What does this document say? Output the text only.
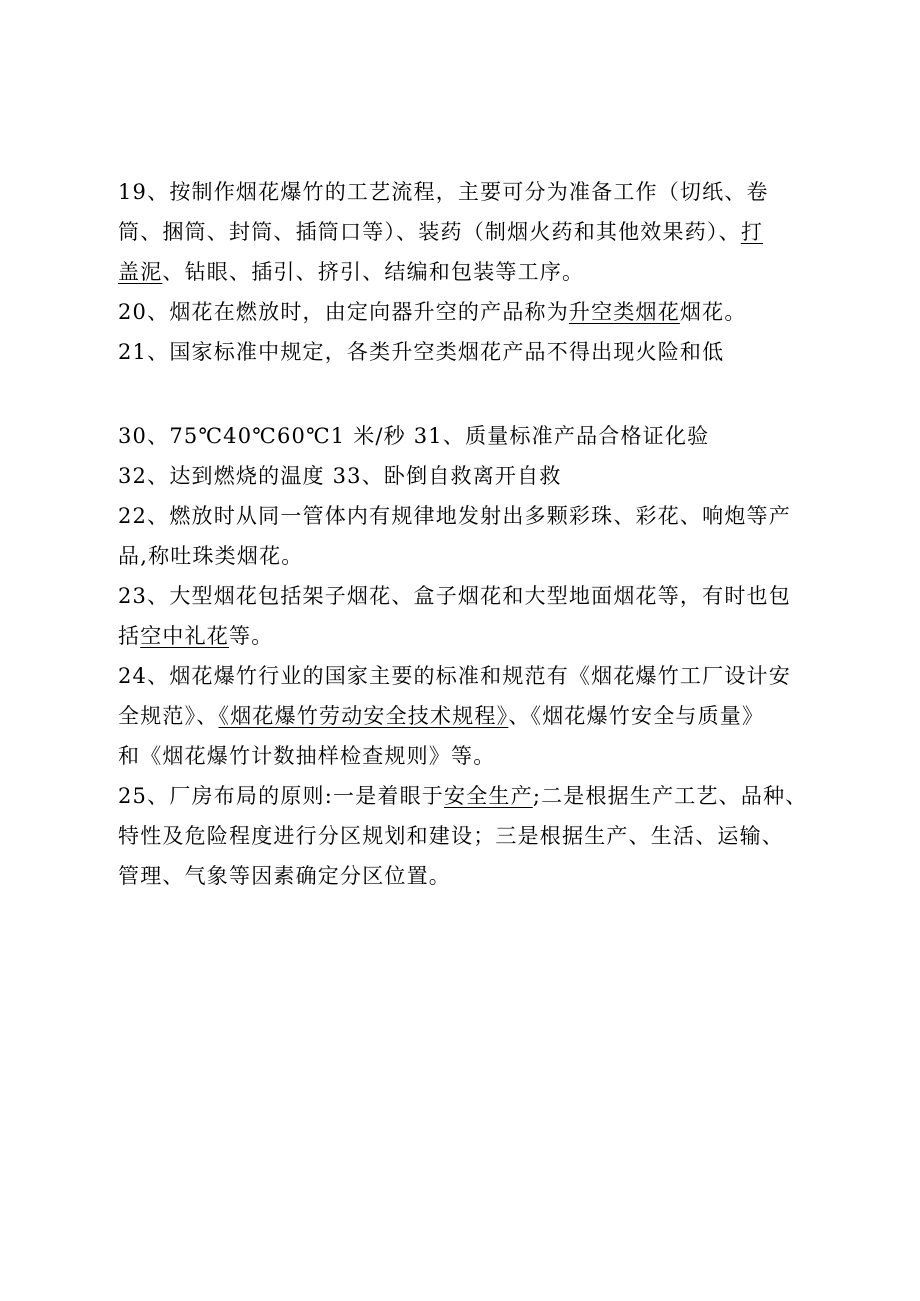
19、按制作烟花爆竹的工艺流程，主要可分为准备工作（切纸、卷
筒、捆筒、封筒、插筒口等）、装药（制烟火药和其他效果药）、打
盖泥、钻眼、插引、挤引、结编和包装等工序。
20、烟花在燃放时，由定向器升空的产品称为升空类烟花烟花。
21、国家标准中规定，各类升空类烟花产品不得出现火险和低
30、75℃40℃60℃1 米/秒 31、质量标准产品合格证化验
32、达到燃烧的温度 33、卧倒自救离开自救
22、燃放时从同一管体内有规律地发射出多颗彩珠、彩花、响炮等产
品,称吐珠类烟花。
23、大型烟花包括架子烟花、盒子烟花和大型地面烟花等，有时也包
括空中礼花等。
24、烟花爆竹行业的国家主要的标准和规范有《烟花爆竹工厂设计安
全规范》、《烟花爆竹劳动安全技术规程》、《烟花爆竹安全与质量》
和《烟花爆竹计数抽样检查规则》等。
25、厂房布局的原则:一是着眼于安全生产;二是根据生产工艺、品种、
特性及危险程度进行分区规划和建设；三是根据生产、生活、运输、
管理、气象等因素确定分区位置。
